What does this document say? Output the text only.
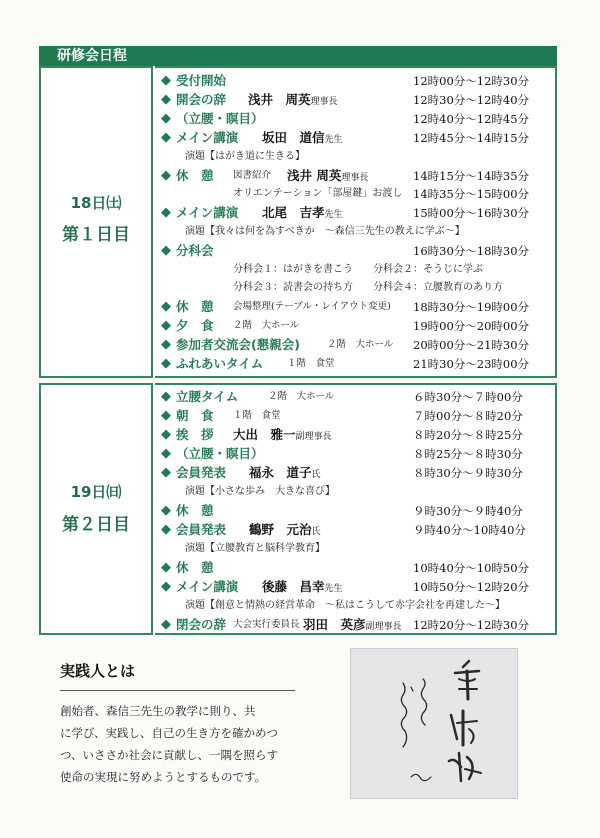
研修会日程
18日㈯
第１日目
◆ 受付開始	12時00分～12時30分
◆ 開会の辞 浅井　周英理事長	12時30分～12時40分
◆ （立腰・瞑目）	12時40分～12時45分
◆ メイン講演 坂田　道信先生	12時45分～14時15分
演題【はがき道に生きる】
◆ 休　憩 図書紹介 浅井 周英理事長	14時15分～14時35分
オリエンテーション「部屋鍵」お渡し 14時35分～15時00分
◆ メイン講演 北尾　吉孝先生	15時00分～16時30分
演題【我々は何を為すべきか　～森信三先生の教えに学ぶ～】
◆ 分科会	16時30分～18時30分
分科会１：はがきを書こう　　分科会２：そうじに学ぶ
分科会３：読書会の持ち方　　分科会４：立腰教育のあり方
◆ 休　憩 会場整理(テーブル・レイアウト変更) 18時30分～19時00分
◆ 夕　食 ２階　大ホール	19時00分～20時00分
◆ 参加者交流会(懇親会)	２階　大ホール 20時00分～21時30分
◆ ふれあいタイム １階　食堂	21時30分～23時00分
19日㈰
第２日目
◆ 立腰タイム	２階　大ホール	６時30分～７時00分
◆ 朝　食 １階　食堂	７時00分～８時20分
◆ 挨　拶 大出　雅一副理事長	８時20分～８時25分
◆ （立腰・瞑目）	８時25分～８時30分
◆ 会員発表 福永　道子氏	８時30分～９時30分
演題【小さな歩み　大きな喜び】
◆ 休　憩	９時30分～９時40分
◆ 会員発表 鶴野　元治氏	９時40分～10時40分
演題【立腰教育と脳科学教育】
◆ 休　憩	10時40分～10時50分
◆ メイン講演 後藤　昌幸先生	10時50分～12時20分
演題【創意と情熱の経営革命　～私はこうして赤字会社を再建した～】
◆ 閉会の辞 大会実行委員長 羽田　英彦副理事長 12時20分～12時30分
実践人とは
創始者、森信三先生の教学に則り、共
に学び、実践し、自己の生き方を確かめつ
つ、いささか社会に貢献し、一隅を照らす
使命の実現に努めようとするものです。
